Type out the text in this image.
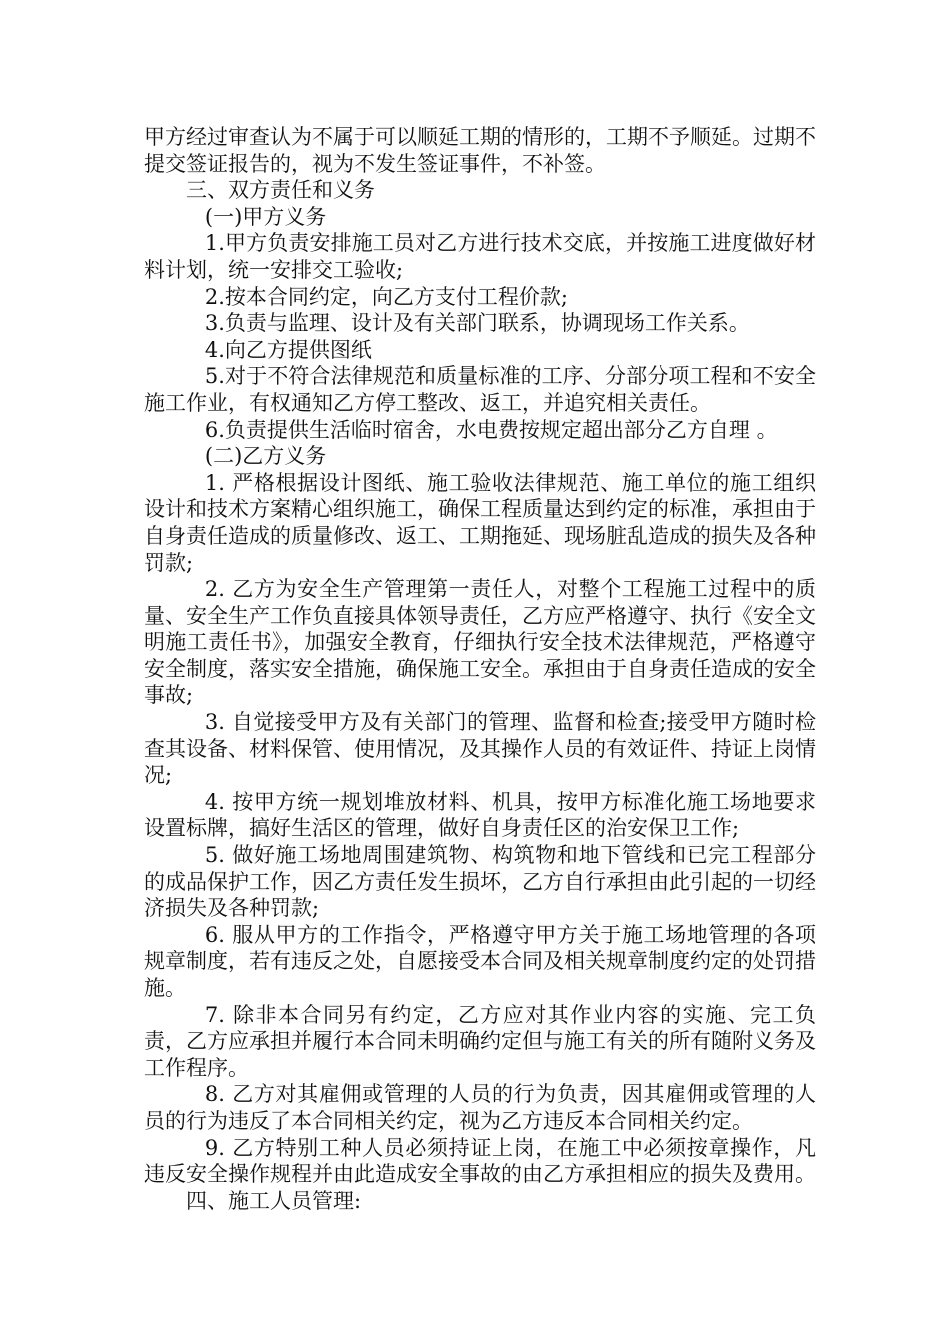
甲方经过审查认为不属于可以顺延工期的情形的，工期不予顺延。过期不提交签证报告的，视为不发生签证事件，不补签。

三、双方责任和义务

(一)甲方义务

1.甲方负责安排施工员对乙方进行技术交底，并按施工进度做好材料计划，统一安排交工验收;

2.按本合同约定，向乙方支付工程价款;

3.负责与监理、设计及有关部门联系，协调现场工作关系。

4.向乙方提供图纸

5.对于不符合法律规范和质量标准的工序、分部分项工程和不安全施工作业，有权通知乙方停工整改、返工，并追究相关责任。

6.负责提供生活临时宿舍，水电费按规定超出部分乙方自理 。

(二)乙方义务

1. 严格根据设计图纸、施工验收法律规范、施工单位的施工组织设计和技术方案精心组织施工，确保工程质量达到约定的标准，承担由于自身责任造成的质量修改、返工、工期拖延、现场脏乱造成的损失及各种罚款;

2. 乙方为安全生产管理第一责任人，对整个工程施工过程中的质量、安全生产工作负直接具体领导责任，乙方应严格遵守、执行《安全文明施工责任书》，加强安全教育，仔细执行安全技术法律规范，严格遵守安全制度，落实安全措施，确保施工安全。承担由于自身责任造成的安全事故;

3. 自觉接受甲方及有关部门的管理、监督和检查;接受甲方随时检查其设备、材料保管、使用情况，及其操作人员的有效证件、持证上岗情况;

4. 按甲方统一规划堆放材料、机具，按甲方标准化施工场地要求设置标牌，搞好生活区的管理，做好自身责任区的治安保卫工作;

5. 做好施工场地周围建筑物、构筑物和地下管线和已完工程部分的成品保护工作，因乙方责任发生损坏，乙方自行承担由此引起的一切经济损失及各种罚款;

6. 服从甲方的工作指令，严格遵守甲方关于施工场地管理的各项规章制度，若有违反之处，自愿接受本合同及相关规章制度约定的处罚措施。

7. 除非本合同另有约定，乙方应对其作业内容的实施、完工负责，乙方应承担并履行本合同未明确约定但与施工有关的所有随附义务及工作程序。

8. 乙方对其雇佣或管理的人员的行为负责，因其雇佣或管理的人员的行为违反了本合同相关约定，视为乙方违反本合同相关约定。

9. 乙方特别工种人员必须持证上岗，在施工中必须按章操作，凡违反安全操作规程并由此造成安全事故的由乙方承担相应的损失及费用。

四、施工人员管理:
